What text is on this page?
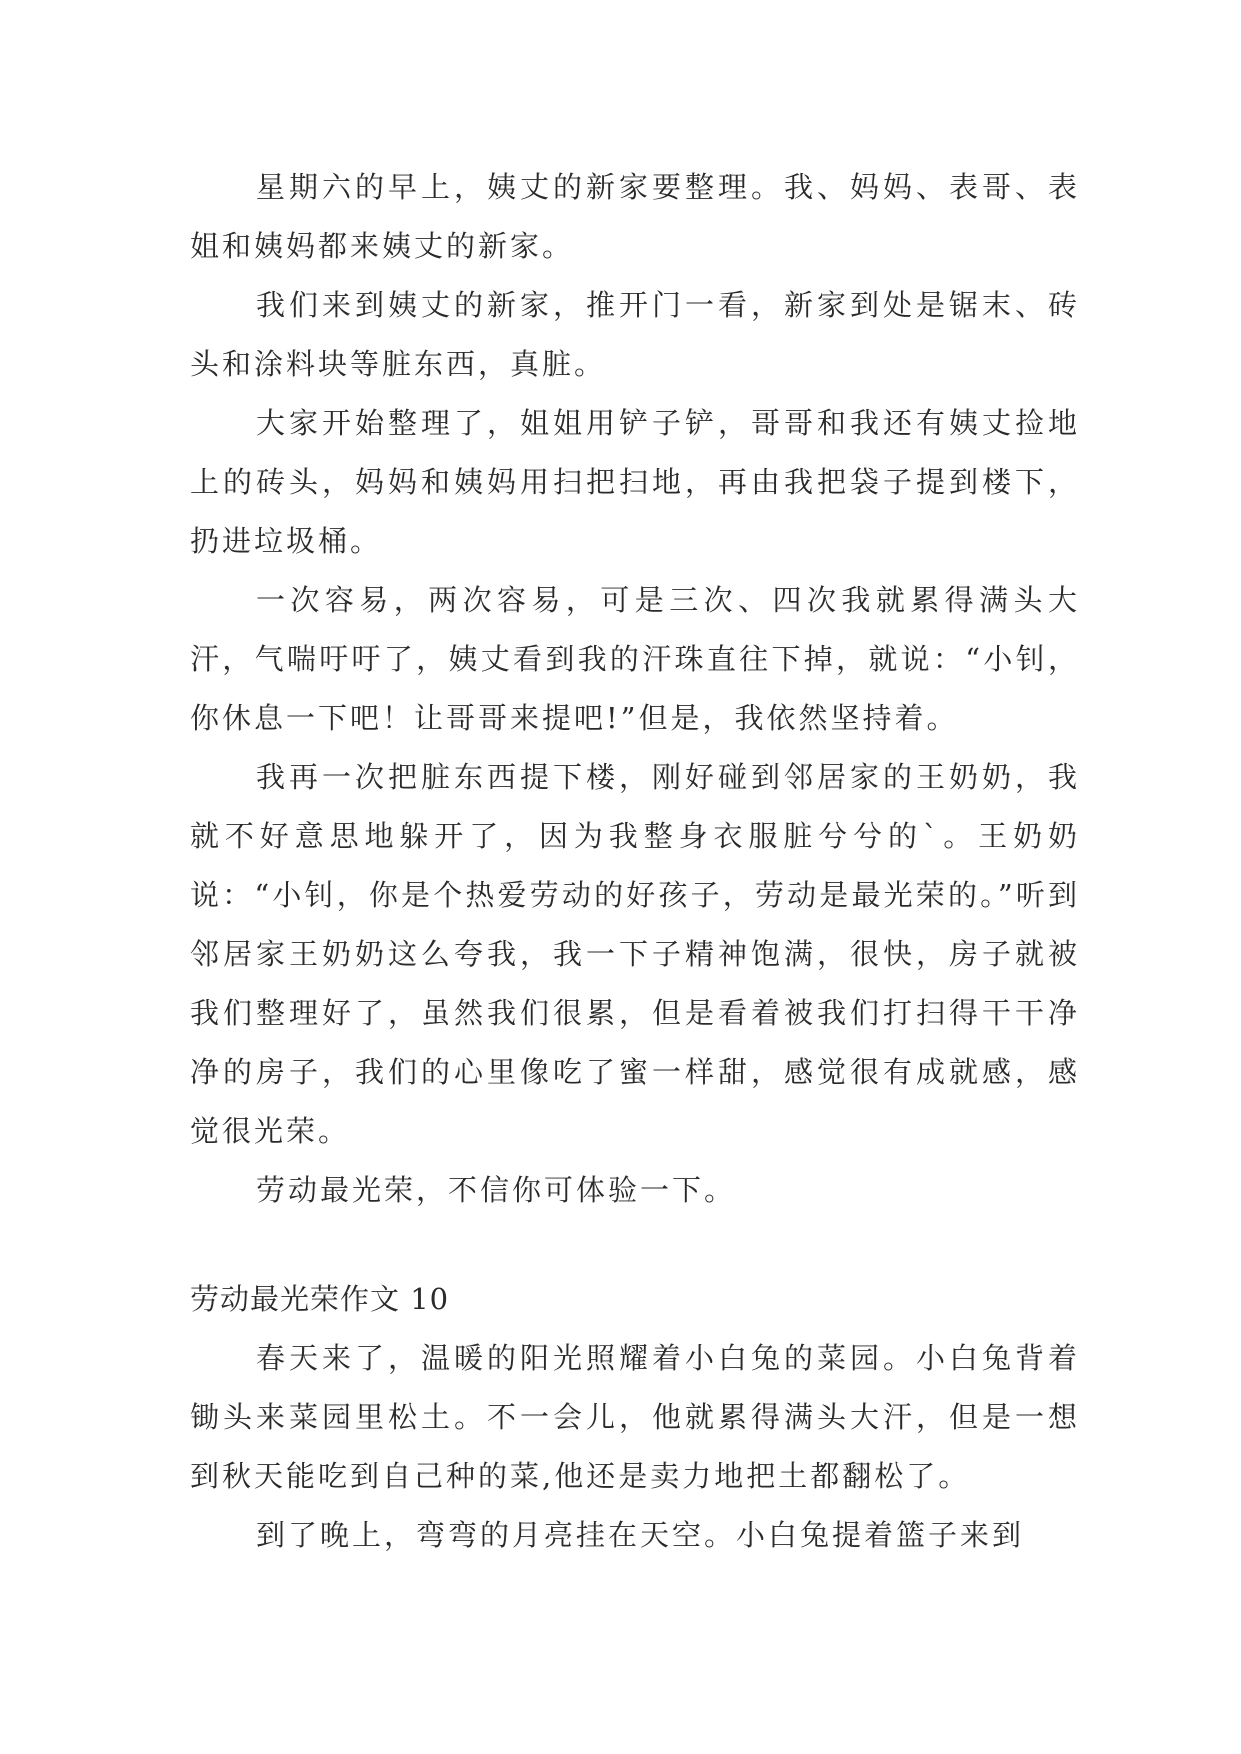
星期六的早上，姨丈的新家要整理。我、妈妈、表哥、表姐和姨妈都来姨丈的新家。

我们来到姨丈的新家，推开门一看，新家到处是锯末、砖头和涂料块等脏东西，真脏。

大家开始整理了，姐姐用铲子铲，哥哥和我还有姨丈捡地上的砖头，妈妈和姨妈用扫把扫地，再由我把袋子提到楼下，扔进垃圾桶。

一次容易，两次容易，可是三次、四次我就累得满头大汗，气喘吁吁了，姨丈看到我的汗珠直往下掉，就说：“小钊，你休息一下吧！让哥哥来提吧!”但是，我依然坚持着。

我再一次把脏东西提下楼，刚好碰到邻居家的王奶奶，我就不好意思地躲开了，因为我整身衣服脏兮兮的`。王奶奶说：“小钊，你是个热爱劳动的好孩子，劳动是最光荣的。”听到邻居家王奶奶这么夸我，我一下子精神饱满，很快，房子就被我们整理好了，虽然我们很累，但是看着被我们打扫得干干净净的房子，我们的心里像吃了蜜一样甜，感觉很有成就感，感觉很光荣。

劳动最光荣，不信你可体验一下。

劳动最光荣作文 10

春天来了，温暖的阳光照耀着小白兔的菜园。小白兔背着锄头来菜园里松土。不一会儿，他就累得满头大汗，但是一想到秋天能吃到自己种的菜,他还是卖力地把土都翻松了。

到了晚上，弯弯的月亮挂在天空。小白兔提着篮子来到
